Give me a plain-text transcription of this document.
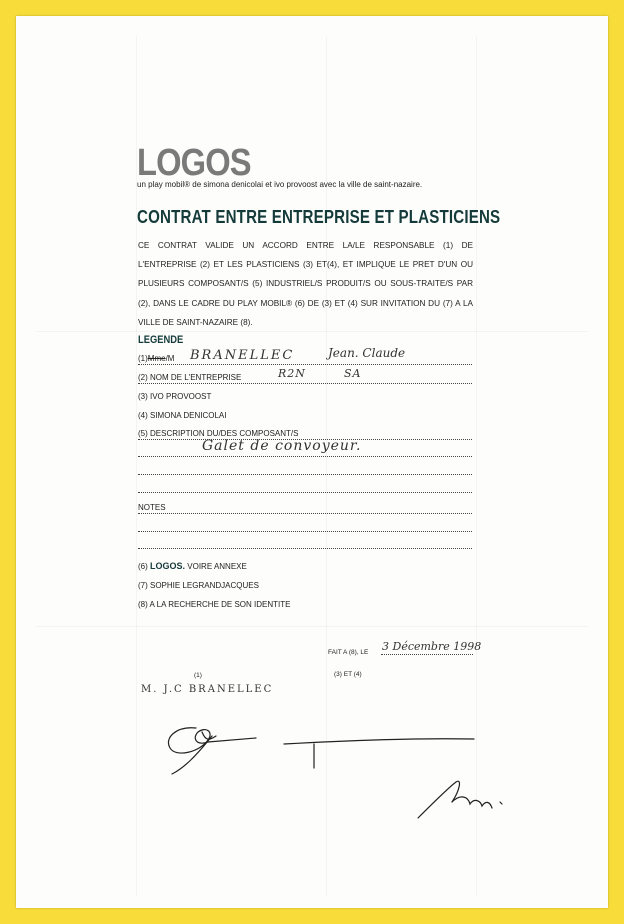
LOGOS
un play mobil® de simona denicolai et ivo provoost avec la ville de saint-nazaire.
CONTRAT ENTRE ENTREPRISE ET PLASTICIENS
CE CONTRAT VALIDE UN ACCORD ENTRE LA/LE RESPONSABLE (1) DE L'ENTREPRISE (2) ET LES PLASTICIENS (3) ET(4), ET IMPLIQUE LE PRET D'UN OU PLUSIEURS COMPOSANT/S (5) INDUSTRIEL/S PRODUIT/S OU SOUS-TRAITE/S PAR (2), DANS LE CADRE DU PLAY MOBIL® (6) DE (3) ET (4) SUR INVITATION DU (7) A LA VILLE DE SAINT-NAZAIRE (8).
LEGENDE
(1)Mme/M BRANELLEC	Jean. Claude
(2) NOM DE L'ENTREPRISE	R2N	SA
(3) IVO PROVOOST
(4) SIMONA DENICOLAI
(5) DESCRIPTION DU/DES COMPOSANT/S
Galet de convoyeur.
NOTES
(6) LOGOS. VOIRE ANNEXE
(7) SOPHIE LEGRANDJACQUES
(8) A LA RECHERCHE DE SON IDENTITE
FAIT A (8), LE 3 Décembre 1998
(1)	(3) ET (4)
M. J.C BRANELLEC
